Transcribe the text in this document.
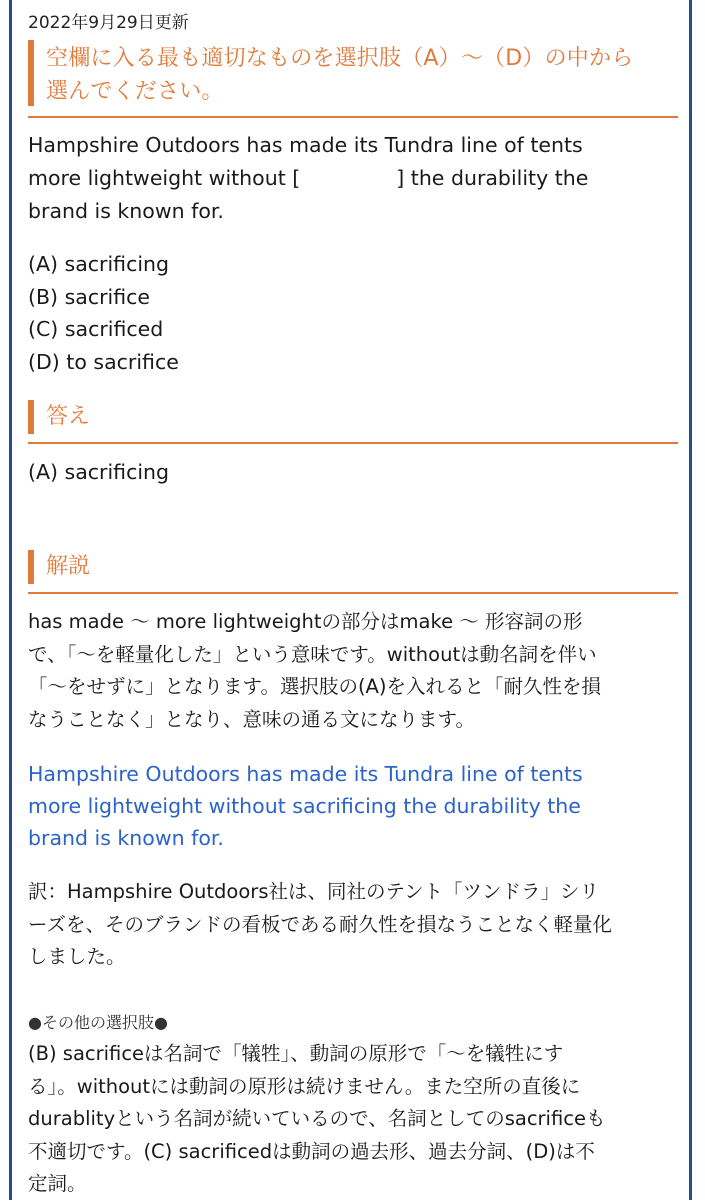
2022年9月29日更新
空欄に入る最も適切なものを選択肢（A）～（D）の中から
選んでください。
Hampshire Outdoors has made its Tundra line of tents
more lightweight without [	] the durability the
brand is known for.
(A) sacrificing
(B) sacrifice
(C) sacrificed
(D) to sacrifice
答え
(A) sacrificing
解説
has made ～ more lightweightの部分はmake ～ 形容詞の形
で、「～を軽量化した」という意味です。withoutは動名詞を伴い
「～をせずに」となります。選択肢の(A)を入れると「耐久性を損
なうことなく」となり、意味の通る文になります。
Hampshire Outdoors has made its Tundra line of tents
more lightweight without sacrificing the durability the
brand is known for.
訳：Hampshire Outdoors社は、同社のテント「ツンドラ」シリ
ーズを、そのブランドの看板である耐久性を損なうことなく軽量化
しました。
●その他の選択肢●
(B) sacrificeは名詞で「犠牲」、動詞の原形で「～を犠牲にす
る」。withoutには動詞の原形は続けません。また空所の直後に
durablityという名詞が続いているので、名詞としてのsacrificeも
不適切です。(C) sacrificedは動詞の過去形、過去分詞、(D)は不
定詞。
